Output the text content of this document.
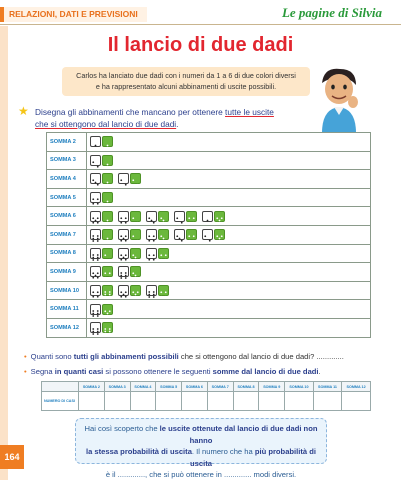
RELAZIONI, DATI E PREVISIONI	Le pagine di Silvia
Il lancio di due dadi
Carlos ha lanciato due dadi con i numeri da 1 a 6 di due colori diversi
e ha rappresentato alcuni abbinamenti di uscite possibili.
★ Disegna gli abbinamenti che mancano per ottenere tutte le uscite
che si ottengono dal lancio di due dadi.
SOMMA 2	

SOMMA 3	

SOMMA 4	

SOMMA 5	

SOMMA 6	

SOMMA 7	

SOMMA 8	

SOMMA 9	

SOMMA 10	

SOMMA 11	

SOMMA 12	
• Quanti sono tutti gli abbinamenti possibili che si ottengono dal lancio di due dadi? .............
• Segna in quanti casi si possono ottenere le seguenti somme dal lancio di due dadi.
	SOMMA 2	SOMMA 3	SOMMA 4	SOMMA 5	SOMMA 6	SOMMA 7	SOMMA 8	SOMMA 9	SOMMA 10	SOMMA 11	SOMMA 12
NUMERO DI CASI											
Hai così scoperto che le uscite ottenute dal lancio di due dadi non hanno
la stessa probabilità di uscita. Il numero che ha più probabilità di uscita
è il ............., che si può ottenere in ............. modi diversi.
164
